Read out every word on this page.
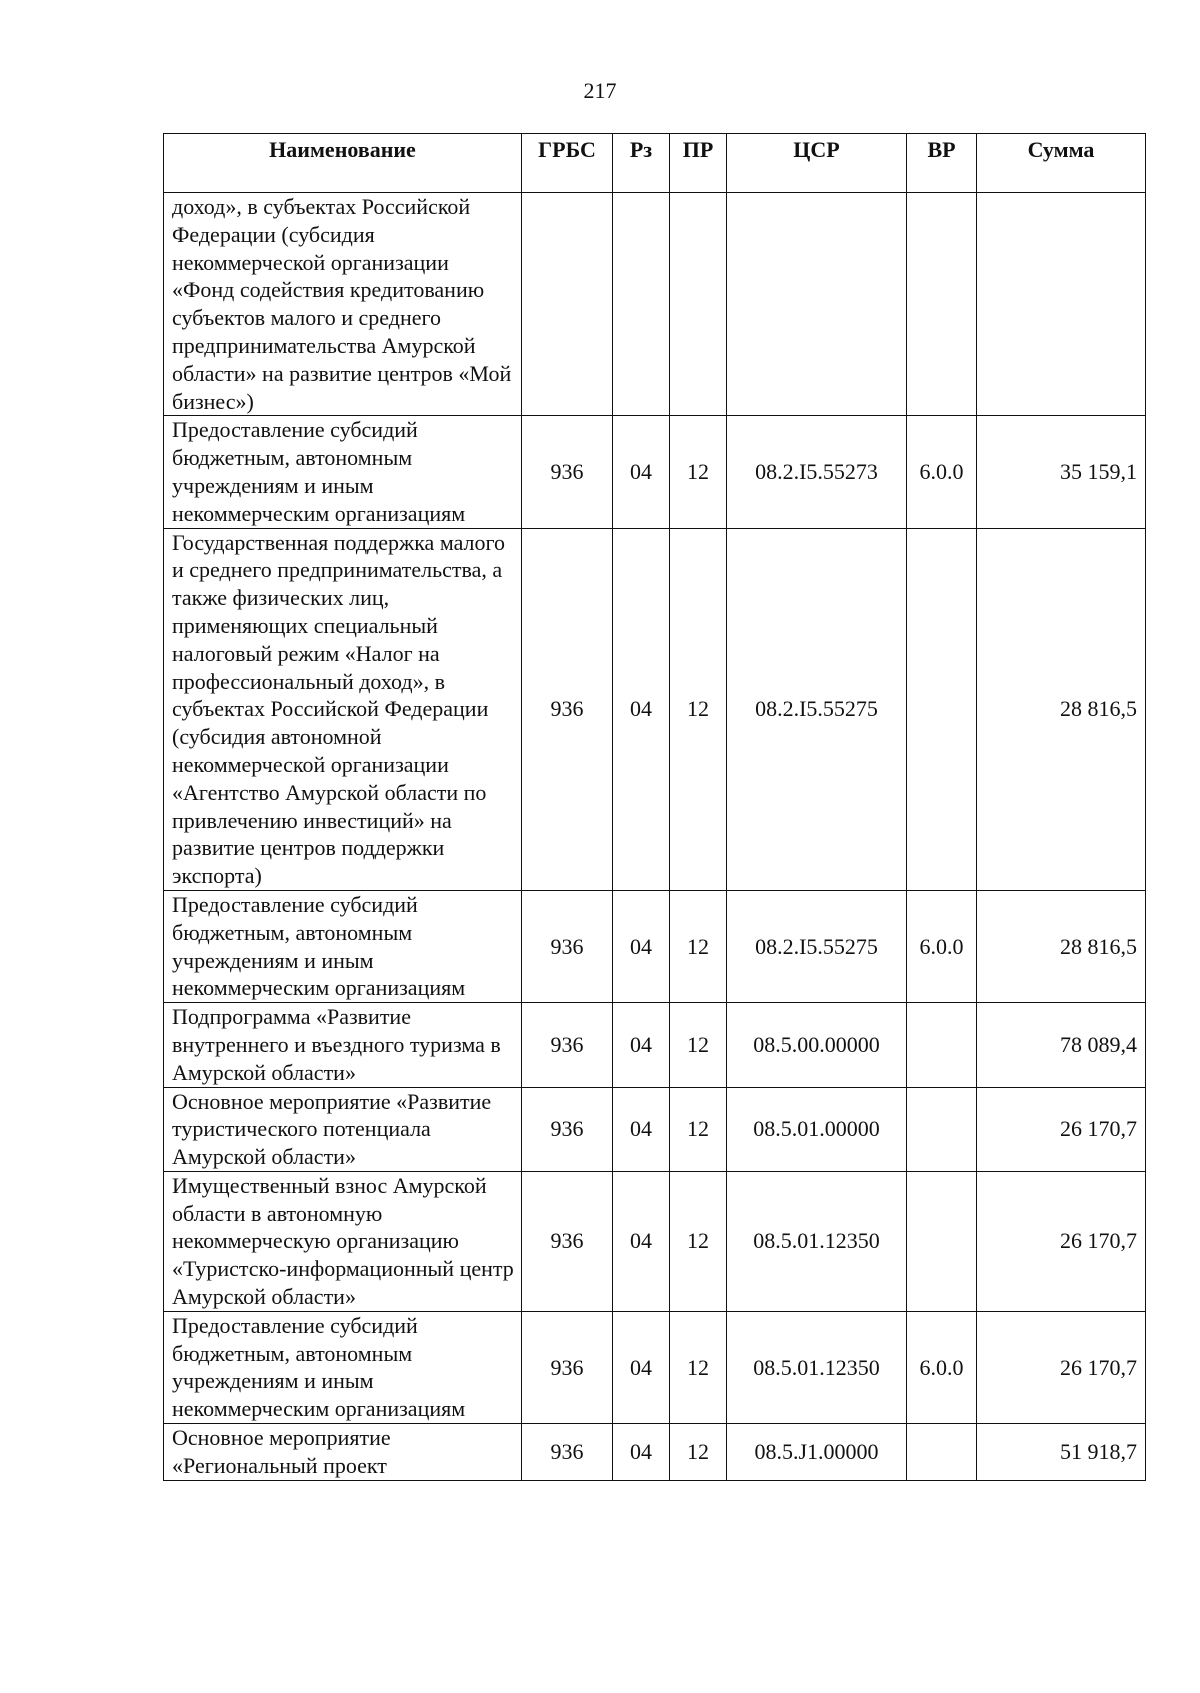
217
Наименование	ГРБС	Рз	ПР	ЦСР	ВР	Сумма
доход», в субъектах Российской Федерации (субсидия некоммерческой организации «Фонд содействия кредитованию субъектов малого и среднего предпринимательства Амурской области» на развитие центров «Мой бизнес»)						
Предоставление субсидий бюджетным, автономным учреждениям и иным некоммерческим организациям	936	04	12	08.2.I5.55273	6.0.0	35 159,1
Государственная поддержка малого и среднего предпринимательства, а также физических лиц, применяющих специальный налоговый режим «Налог на профессиональный доход», в субъектах Российской Федерации (субсидия автономной некоммерческой организации «Агентство Амурской области по привлечению инвестиций» на развитие центров поддержки экспорта)	936	04	12	08.2.I5.55275		28 816,5
Предоставление субсидий бюджетным, автономным учреждениям и иным некоммерческим организациям	936	04	12	08.2.I5.55275	6.0.0	28 816,5
Подпрограмма «Развитие внутреннего и въездного туризма в Амурской области»	936	04	12	08.5.00.00000		78 089,4
Основное мероприятие «Развитие туристического потенциала Амурской области»	936	04	12	08.5.01.00000		26 170,7
Имущественный взнос Амурской области в автономную некоммерческую организацию «Туристско-информационный центр Амурской области»	936	04	12	08.5.01.12350		26 170,7
Предоставление субсидий бюджетным, автономным учреждениям и иным некоммерческим организациям	936	04	12	08.5.01.12350	6.0.0	26 170,7
Основное мероприятие «Региональный проект	936	04	12	08.5.J1.00000		51 918,7
